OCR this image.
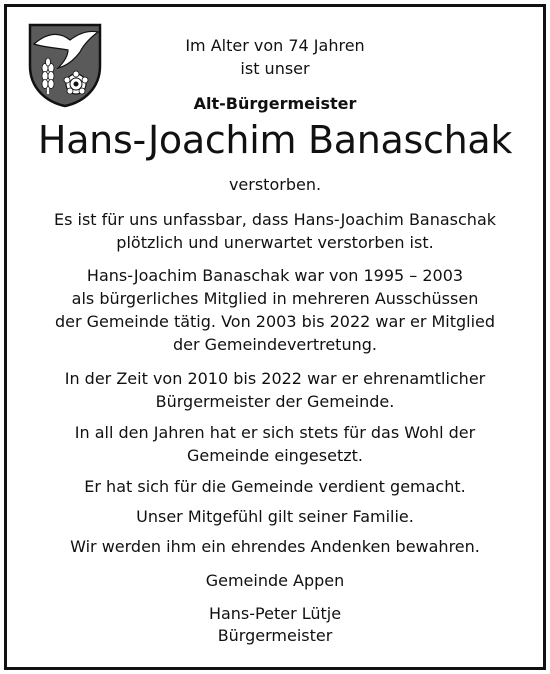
Im Alter von 74 Jahren
ist unser
Alt-Bürgermeister
Hans-Joachim Banaschak
verstorben.
Es ist für uns unfassbar, dass Hans-Joachim Banaschak
plötzlich und unerwartet verstorben ist.
Hans-Joachim Banaschak war von 1995 – 2003
als bürgerliches Mitglied in mehreren Ausschüssen
der Gemeinde tätig. Von 2003 bis 2022 war er Mitglied
der Gemeindevertretung.
In der Zeit von 2010 bis 2022 war er ehrenamtlicher
Bürgermeister der Gemeinde.
In all den Jahren hat er sich stets für das Wohl der
Gemeinde eingesetzt.
Er hat sich für die Gemeinde verdient gemacht.
Unser Mitgefühl gilt seiner Familie.
Wir werden ihm ein ehrendes Andenken bewahren.
Gemeinde Appen
Hans-Peter Lütje
Bürgermeister
